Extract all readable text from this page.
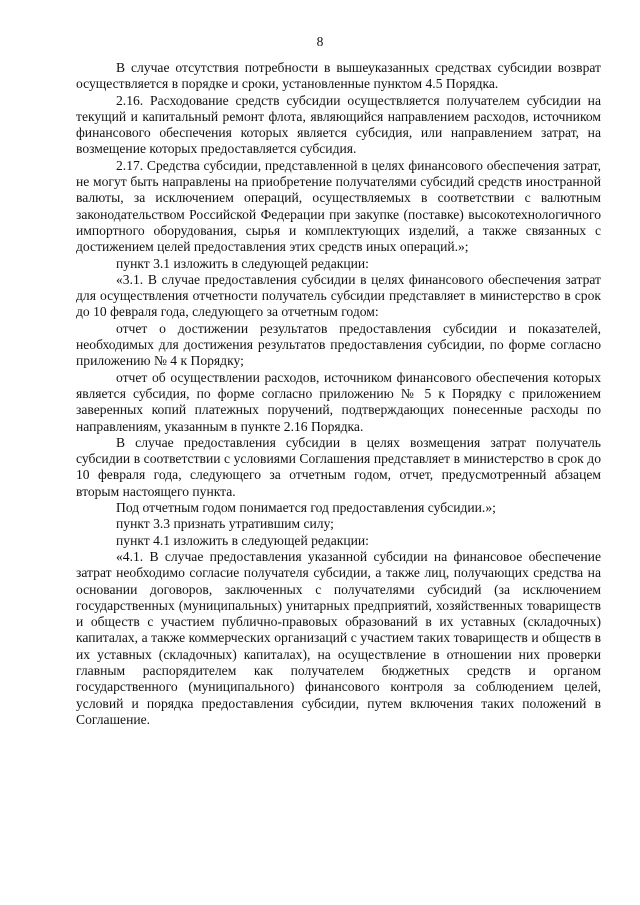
8

В случае отсутствия потребности в вышеуказанных средствах субсидии возврат осуществляется в порядке и сроки, установленные пунктом 4.5 Порядка.

2.16. Расходование средств субсидии осуществляется получателем субсидии на текущий и капитальный ремонт флота, являющийся направлением расходов, источником финансового обеспечения которых является субсидия, или направлением затрат, на возмещение которых предоставляется субсидия.

2.17. Средства субсидии, представленной в целях финансового обеспечения затрат, не могут быть направлены на приобретение получателями субсидий средств иностранной валюты, за исключением операций, осуществляемых в соответствии с валютным законодательством Российской Федерации при закупке (поставке) высокотехнологичного импортного оборудования, сырья и комплектующих изделий, а также связанных с достижением целей предоставления этих средств иных операций.»;

пункт 3.1 изложить в следующей редакции:

«3.1. В случае предоставления субсидии в целях финансового обеспечения затрат для осуществления отчетности получатель субсидии представляет в министерство в срок до 10 февраля года, следующего за отчетным годом:

отчет о достижении результатов предоставления субсидии и показателей, необходимых для достижения результатов предоставления субсидии, по форме согласно приложению № 4 к Порядку;

отчет об осуществлении расходов, источником финансового обеспечения которых является субсидия, по форме согласно приложению № 5 к Порядку с приложением заверенных копий платежных поручений, подтверждающих понесенные расходы по направлениям, указанным в пункте 2.16 Порядка.

В случае предоставления субсидии в целях возмещения затрат получатель субсидии в соответствии с условиями Соглашения представляет в министерство в срок до 10 февраля года, следующего за отчетным годом, отчет, предусмотренный абзацем вторым настоящего пункта.

Под отчетным годом понимается год предоставления субсидии.»;

пункт 3.3 признать утратившим силу;

пункт 4.1 изложить в следующей редакции:

«4.1. В случае предоставления указанной субсидии на финансовое обеспечение затрат необходимо согласие получателя субсидии, а также лиц, получающих средства на основании договоров, заключенных с получателями субсидий (за исключением государственных (муниципальных) унитарных предприятий, хозяйственных товариществ и обществ с участием публично-правовых образований в их уставных (складочных) капиталах, а также коммерческих организаций с участием таких товариществ и обществ в их уставных (складочных) капиталах), на осуществление в отношении них проверки главным распорядителем как получателем бюджетных средств и органом государственного (муниципального) финансового контроля за соблюдением целей, условий и порядка предоставления субсидии, путем включения таких положений в Соглашение.
